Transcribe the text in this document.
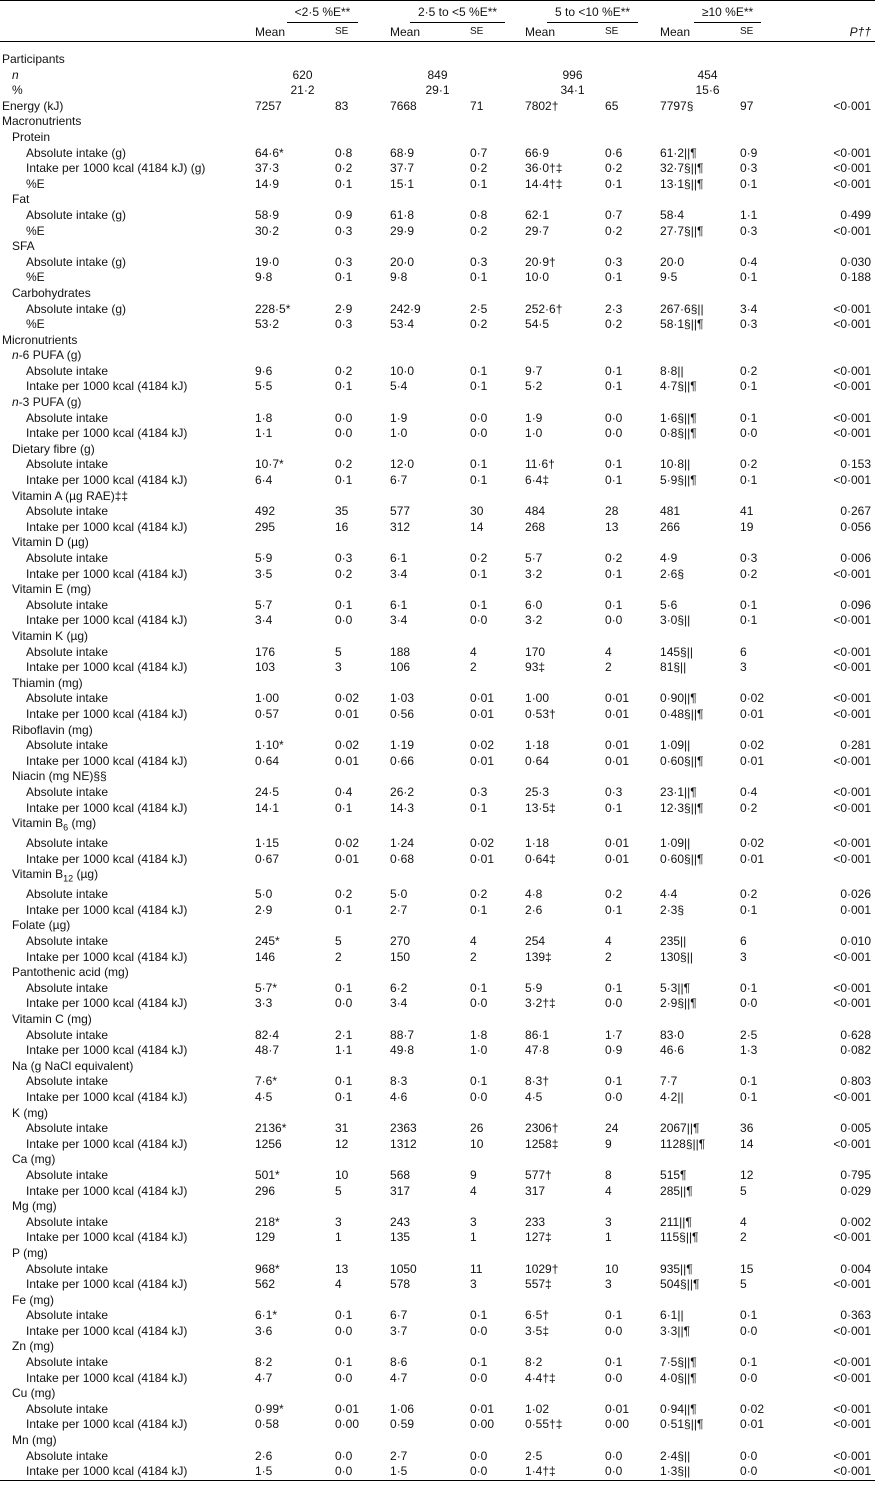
	<2·5 %E**		2·5 to <5 %E**		5 to <10 %E**		≥10 %E**		
	Mean	SE	Mean	SE	Mean	SE	Mean	SE	P††

Participants									
n	620		849		996		454		
%	21·2		29·1		34·1		15·6		
Energy (kJ)	7257	83	7668	71	7802†	65	7797§	97	<0·001
Macronutrients									
Protein									
Absolute intake (g)	64·6*	0·8	68·9	0·7	66·9	0·6	61·2||¶	0·9	<0·001
Intake per 1000 kcal (4184 kJ) (g)	37·3	0·2	37·7	0·2	36·0†‡	0·2	32·7§||¶	0·3	<0·001
%E	14·9	0·1	15·1	0·1	14·4†‡	0·1	13·1§||¶	0·1	<0·001
Fat									
Absolute intake (g)	58·9	0·9	61·8	0·8	62·1	0·7	58·4	1·1	0·499
%E	30·2	0·3	29·9	0·2	29·7	0·2	27·7§||¶	0·3	<0·001
SFA									
Absolute intake (g)	19·0	0·3	20·0	0·3	20·9†	0·3	20·0	0·4	0·030
%E	9·8	0·1	9·8	0·1	10·0	0·1	9·5	0·1	0·188
Carbohydrates									
Absolute intake (g)	228·5*	2·9	242·9	2·5	252·6†	2·3	267·6§||	3·4	<0·001
%E	53·2	0·3	53·4	0·2	54·5	0·2	58·1§||¶	0·3	<0·001
Micronutrients									
n-6 PUFA (g)									
Absolute intake	9·6	0·2	10·0	0·1	9·7	0·1	8·8||	0·2	<0·001
Intake per 1000 kcal (4184 kJ)	5·5	0·1	5·4	0·1	5·2	0·1	4·7§||¶	0·1	<0·001
n-3 PUFA (g)									
Absolute intake	1·8	0·0	1·9	0·0	1·9	0·0	1·6§||¶	0·1	<0·001
Intake per 1000 kcal (4184 kJ)	1·1	0·0	1·0	0·0	1·0	0·0	0·8§||¶	0·0	<0·001
Dietary fibre (g)									
Absolute intake	10·7*	0·2	12·0	0·1	11·6†	0·1	10·8||	0·2	0·153
Intake per 1000 kcal (4184 kJ)	6·4	0·1	6·7	0·1	6·4‡	0·1	5·9§||¶	0·1	<0·001
Vitamin A (µg RAE)‡‡									
Absolute intake	492	35	577	30	484	28	481	41	0·267
Intake per 1000 kcal (4184 kJ)	295	16	312	14	268	13	266	19	0·056
Vitamin D (µg)									
Absolute intake	5·9	0·3	6·1	0·2	5·7	0·2	4·9	0·3	0·006
Intake per 1000 kcal (4184 kJ)	3·5	0·2	3·4	0·1	3·2	0·1	2·6§	0·2	<0·001
Vitamin E (mg)									
Absolute intake	5·7	0·1	6·1	0·1	6·0	0·1	5·6	0·1	0·096
Intake per 1000 kcal (4184 kJ)	3·4	0·0	3·4	0·0	3·2	0·0	3·0§||	0·1	<0·001
Vitamin K (µg)									
Absolute intake	176	5	188	4	170	4	145§||	6	<0·001
Intake per 1000 kcal (4184 kJ)	103	3	106	2	93‡	2	81§||	3	<0·001
Thiamin (mg)									
Absolute intake	1·00	0·02	1·03	0·01	1·00	0·01	0·90||¶	0·02	<0·001
Intake per 1000 kcal (4184 kJ)	0·57	0·01	0·56	0·01	0·53†	0·01	0·48§||¶	0·01	<0·001
Riboflavin (mg)									
Absolute intake	1·10*	0·02	1·19	0·02	1·18	0·01	1·09||	0·02	0·281
Intake per 1000 kcal (4184 kJ)	0·64	0·01	0·66	0·01	0·64	0·01	0·60§||¶	0·01	<0·001
Niacin (mg NE)§§									
Absolute intake	24·5	0·4	26·2	0·3	25·3	0·3	23·1||¶	0·4	<0·001
Intake per 1000 kcal (4184 kJ)	14·1	0·1	14·3	0·1	13·5‡	0·1	12·3§||¶	0·2	<0·001
Vitamin $B_6$ (mg)									
Absolute intake	1·15	0·02	1·24	0·02	1·18	0·01	1·09||	0·02	<0·001
Intake per 1000 kcal (4184 kJ)	0·67	0·01	0·68	0·01	0·64‡	0·01	0·60§||¶	0·01	<0·001
Vitamin $B_{12}$ (µg)									
Absolute intake	5·0	0·2	5·0	0·2	4·8	0·2	4·4	0·2	0·026
Intake per 1000 kcal (4184 kJ)	2·9	0·1	2·7	0·1	2·6	0·1	2·3§	0·1	0·001
Folate (µg)									
Absolute intake	245*	5	270	4	254	4	235||	6	0·010
Intake per 1000 kcal (4184 kJ)	146	2	150	2	139‡	2	130§||	3	<0·001
Pantothenic acid (mg)									
Absolute intake	5·7*	0·1	6·2	0·1	5·9	0·1	5·3||¶	0·1	<0·001
Intake per 1000 kcal (4184 kJ)	3·3	0·0	3·4	0·0	3·2†‡	0·0	2·9§||¶	0·0	<0·001
Vitamin C (mg)									
Absolute intake	82·4	2·1	88·7	1·8	86·1	1·7	83·0	2·5	0·628
Intake per 1000 kcal (4184 kJ)	48·7	1·1	49·8	1·0	47·8	0·9	46·6	1·3	0·082
Na (g NaCl equivalent)									
Absolute intake	7·6*	0·1	8·3	0·1	8·3†	0·1	7·7	0·1	0·803
Intake per 1000 kcal (4184 kJ)	4·5	0·1	4·6	0·0	4·5	0·0	4·2||	0·1	<0·001
K (mg)									
Absolute intake	2136*	31	2363	26	2306†	24	2067||¶	36	0·005
Intake per 1000 kcal (4184 kJ)	1256	12	1312	10	1258‡	9	1128§||¶	14	<0·001
Ca (mg)									
Absolute intake	501*	10	568	9	577†	8	515¶	12	0·795
Intake per 1000 kcal (4184 kJ)	296	5	317	4	317	4	285||¶	5	0·029
Mg (mg)									
Absolute intake	218*	3	243	3	233	3	211||¶	4	0·002
Intake per 1000 kcal (4184 kJ)	129	1	135	1	127‡	1	115§||¶	2	<0·001
P (mg)									
Absolute intake	968*	13	1050	11	1029†	10	935||¶	15	0·004
Intake per 1000 kcal (4184 kJ)	562	4	578	3	557‡	3	504§||¶	5	<0·001
Fe (mg)									
Absolute intake	6·1*	0·1	6·7	0·1	6·5†	0·1	6·1||	0·1	0·363
Intake per 1000 kcal (4184 kJ)	3·6	0·0	3·7	0·0	3·5‡	0·0	3·3||¶	0·0	<0·001
Zn (mg)									
Absolute intake	8·2	0·1	8·6	0·1	8·2	0·1	7·5§||¶	0·1	<0·001
Intake per 1000 kcal (4184 kJ)	4·7	0·0	4·7	0·0	4·4†‡	0·0	4·0§||¶	0·0	<0·001
Cu (mg)									
Absolute intake	0·99*	0·01	1·06	0·01	1·02	0·01	0·94||¶	0·02	<0·001
Intake per 1000 kcal (4184 kJ)	0·58	0·00	0·59	0·00	0·55†‡	0·00	0·51§||¶	0·01	<0·001
Mn (mg)									
Absolute intake	2·6	0·0	2·7	0·0	2·5	0·0	2·4§||	0·0	<0·001
Intake per 1000 kcal (4184 kJ)	1·5	0·0	1·5	0·0	1·4†‡	0·0	1·3§||	0·0	<0·001
